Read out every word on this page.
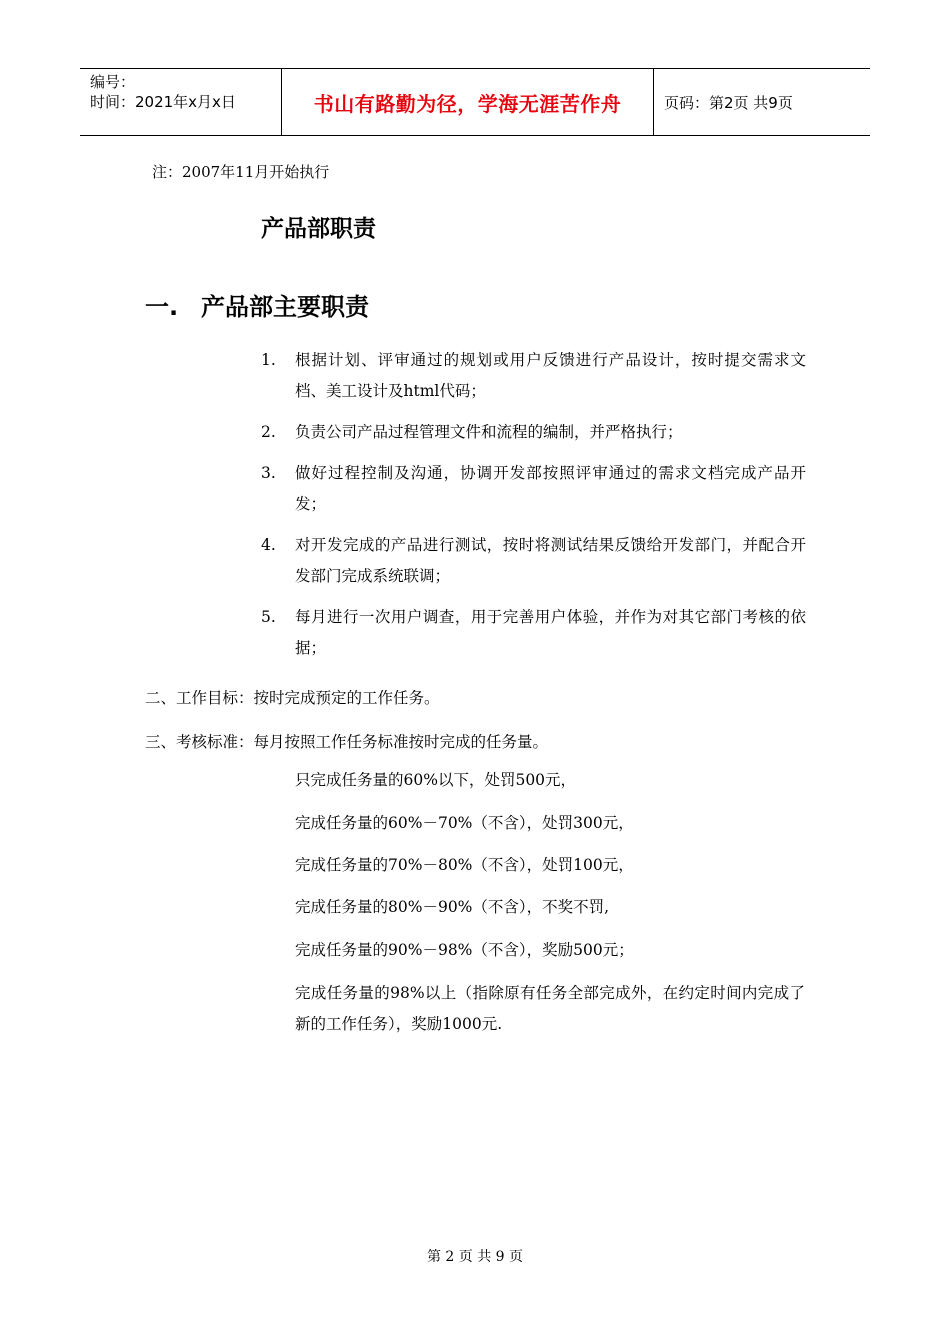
编号：
时间：2021年x月x日	书山有路勤为径，学海无涯苦作舟	页码：第2页 共9页
注：2007年11月开始执行
产品部职责
一. 产品部主要职责
1.	根据计划、评审通过的规划或用户反馈进行产品设计，按时提交需求文档、美工设计及html代码；
2.	负责公司产品过程管理文件和流程的编制，并严格执行；
3.	做好过程控制及沟通，协调开发部按照评审通过的需求文档完成产品开发；
4.	对开发完成的产品进行测试，按时将测试结果反馈给开发部门，并配合开发部门完成系统联调；
5.	每月进行一次用户调查，用于完善用户体验，并作为对其它部门考核的依据；
二、工作目标：按时完成预定的工作任务。
三、考核标准：每月按照工作任务标准按时完成的任务量。
只完成任务量的60%以下，处罚500元，
完成任务量的60%－70%（不含），处罚300元，
完成任务量的70%－80%（不含），处罚100元，
完成任务量的80%－90%（不含），不奖不罚,
完成任务量的90%－98%（不含），奖励500元；
完成任务量的98%以上（指除原有任务全部完成外，在约定时间内完成了新的工作任务），奖励1000元.
第 2 页 共 9 页
